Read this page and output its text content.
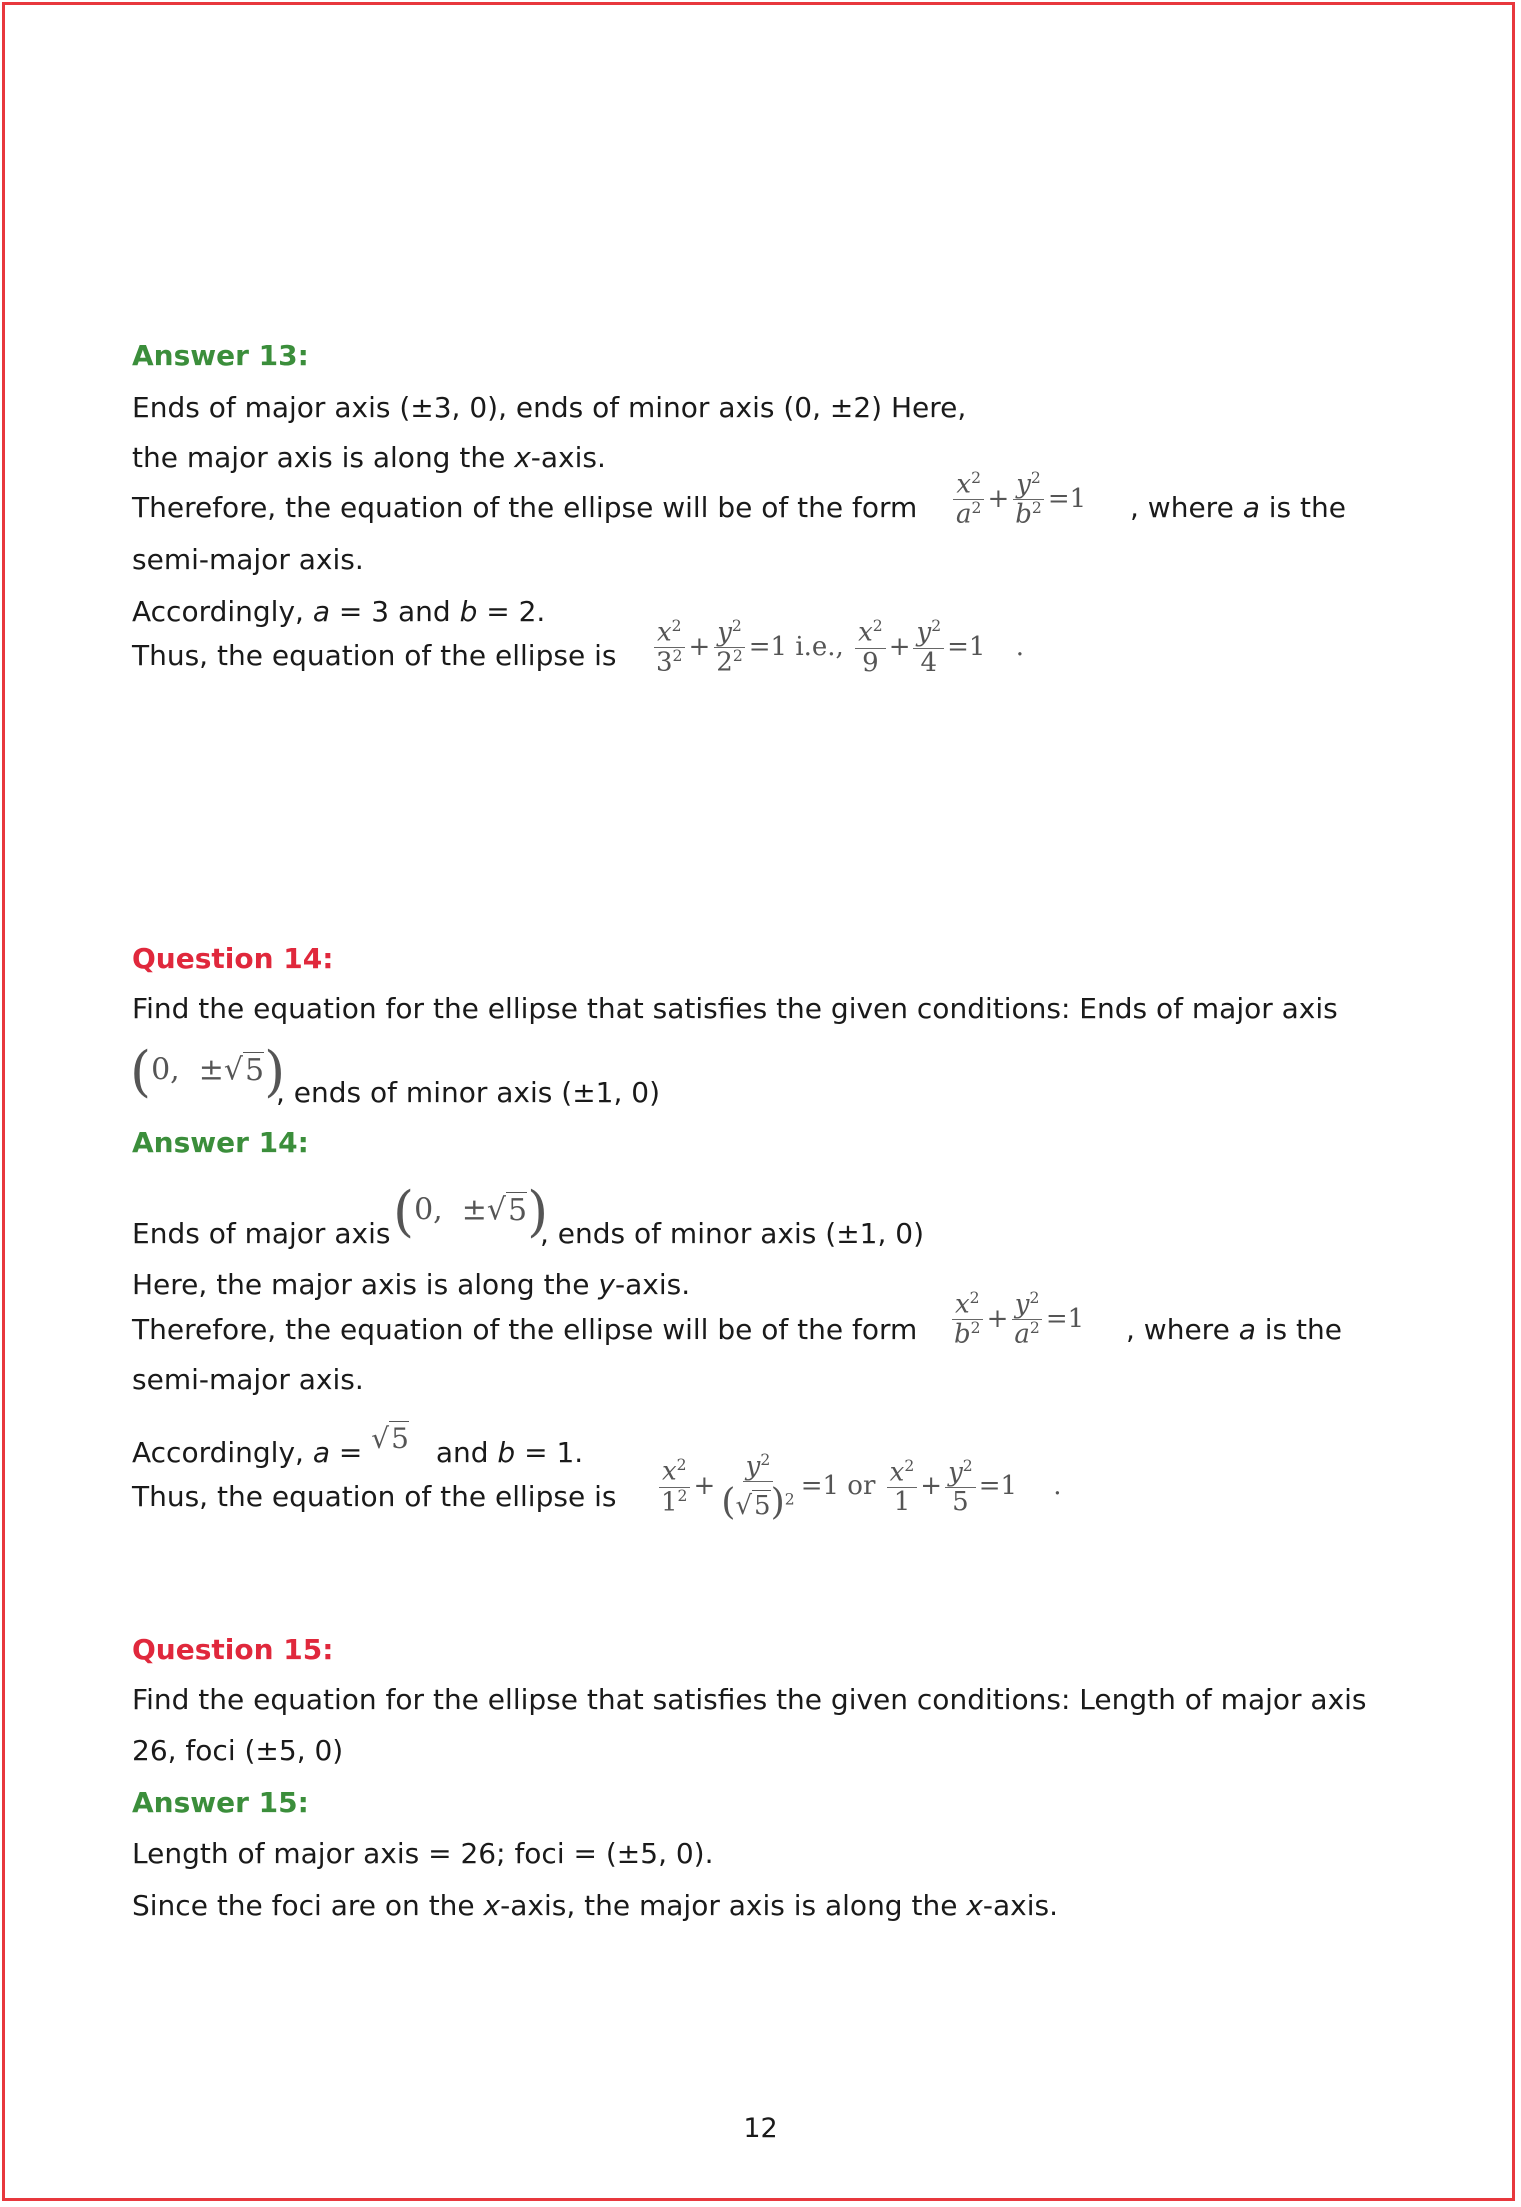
Answer 13:
Ends of major axis (±3, 0), ends of minor axis (0, ±2) Here,
the major axis is along the x-axis.
Therefore, the equation of the ellipse will be of the form $\frac{x^2}{a^2} + \frac{y^2}{b^2} =1$ , where a is the
semi-major axis.
Accordingly, a = 3 and b = 2.
Thus, the equation of the ellipse is $\frac{x^2}{3^2} + \frac{y^2}{2^2} =1$ i.e., $\frac{x^2}{9} + \frac{y^2}{4} =1$ .
Question 14:
Find the equation for the ellipse that satisfies the given conditions: Ends of major axis
(0,  ±√5)
, ends of minor axis (±1, 0)
Answer 14:
Ends of major axis (0,  ±√5)
, ends of minor axis (±1, 0)
Here, the major axis is along the y-axis.
Therefore, the equation of the ellipse will be of the form $\frac{x^2}{b^2} + \frac{y^2}{a^2} =1$ , where a is the
semi-major axis.
Accordingly, a = √5 and b = 1.
Thus, the equation of the ellipse is $\frac{x^2}{1^2} + \frac{y^2}{(√5)^2} =1$ or $\frac{x^2}{1} + \frac{y^2}{5} =1$ .
Question 15:
Find the equation for the ellipse that satisfies the given conditions: Length of major axis
26, foci (±5, 0)
Answer 15:
Length of major axis = 26; foci = (±5, 0).
Since the foci are on the x-axis, the major axis is along the x-axis.
12
